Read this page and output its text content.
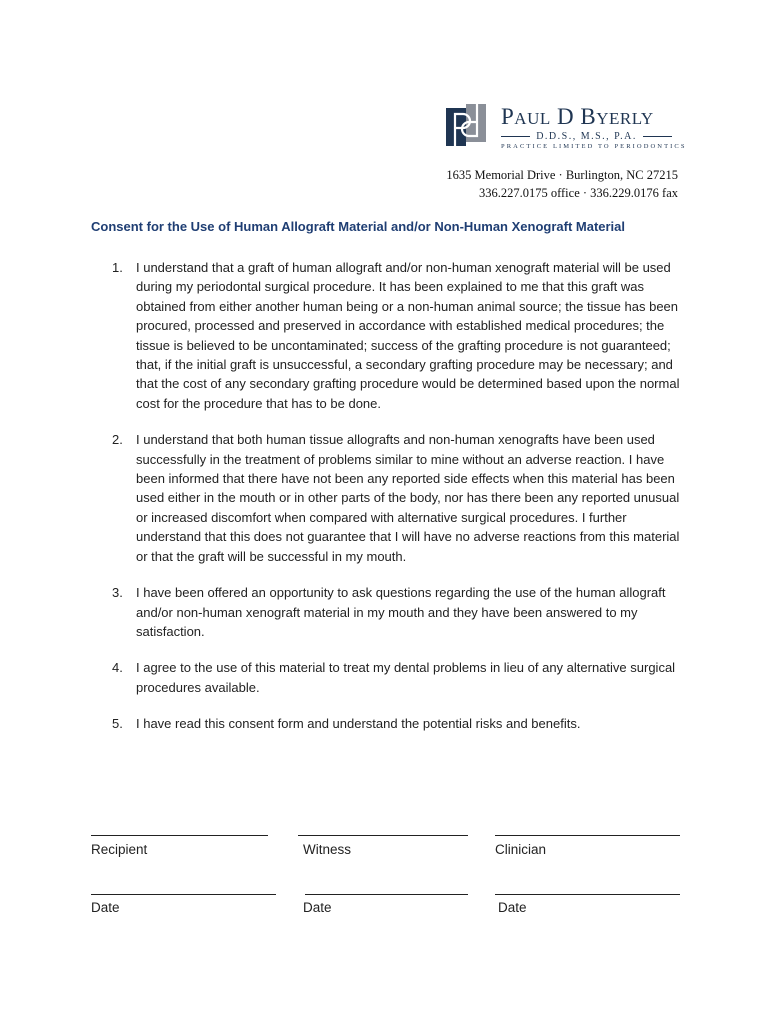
PAUL D BYERLY
D.D.S., M.S., P.A.
PRACTICE LIMITED TO PERIODONTICS
1635 Memorial Drive · Burlington, NC 27215
336.227.0175 office · 336.229.0176 fax
Consent for the Use of Human Allograft Material and/or Non-Human Xenograft Material
1. I understand that a graft of human allograft and/or non-human xenograft material will be used during my periodontal surgical procedure. It has been explained to me that this graft was obtained from either another human being or a non-human animal source; the tissue has been procured, processed and preserved in accordance with established medical procedures; the tissue is believed to be uncontaminated; success of the grafting procedure is not guaranteed; that, if the initial graft is unsuccessful, a secondary grafting procedure may be necessary; and that the cost of any secondary grafting procedure would be determined based upon the normal cost for the procedure that has to be done.
2. I understand that both human tissue allografts and non-human xenografts have been used successfully in the treatment of problems similar to mine without an adverse reaction. I have been informed that there have not been any reported side effects when this material has been used either in the mouth or in other parts of the body, nor has there been any reported unusual or increased discomfort when compared with alternative surgical procedures. I further understand that this does not guarantee that I will have no adverse reactions from this material or that the graft will be successful in my mouth.
3. I have been offered an opportunity to ask questions regarding the use of the human allograft and/or non-human xenograft material in my mouth and they have been answered to my satisfaction.
4. I agree to the use of this material to treat my dental problems in lieu of any alternative surgical procedures available.
5. I have read this consent form and understand the potential risks and benefits.
Recipient	Witness	Clinician
Date	Date	Date
